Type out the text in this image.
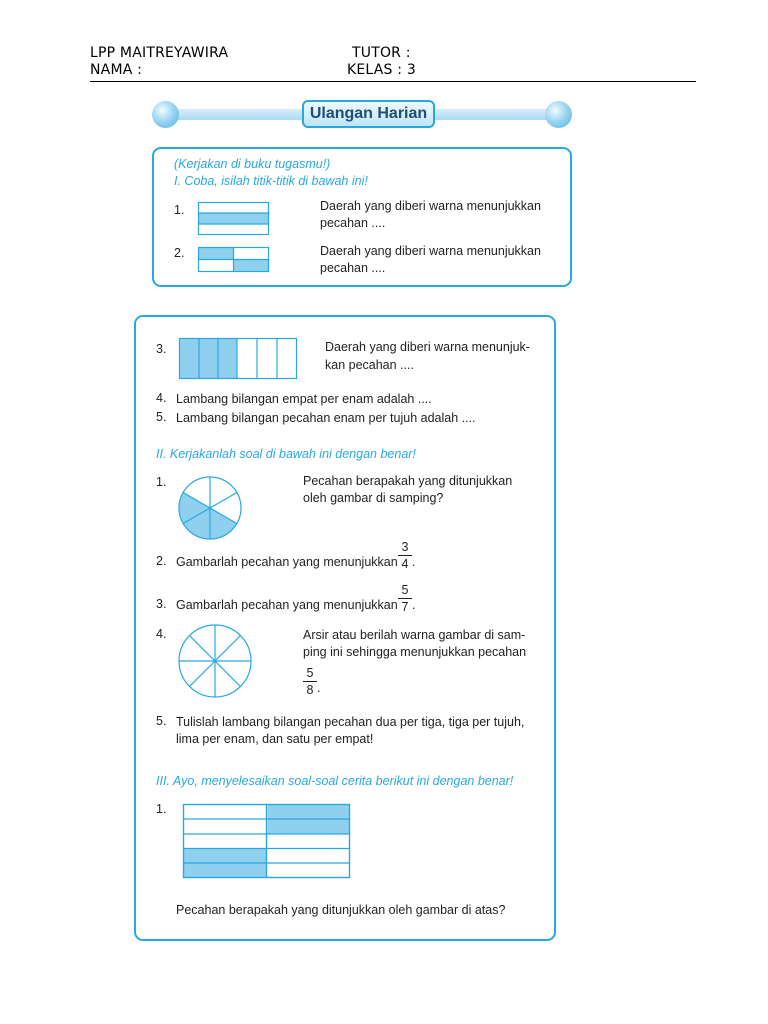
LPP MAITREYAWIRA	TUTOR :
NAMA :	KELAS : 3
Ulangan Harian
(Kerjakan di buku tugasmu!)
I. Coba, isilah titik-titik di bawah ini!
1.	Daerah yang diberi warna menunjukkan
pecahan ....
2.	Daerah yang diberi warna menunjukkan
pecahan ....
3.	Daerah yang diberi warna menunjuk-
kan pecahan ....
4. Lambang bilangan empat per enam adalah ....
5. Lambang bilangan pecahan enam per tujuh adalah ....
II. Kerjakanlah soal di bawah ini dengan benar!
1.	Pecahan berapakah yang ditunjukkan
oleh gambar di samping?
2. Gambarlah pecahan yang menunjukkan
3
4 .
3. Gambarlah pecahan yang menunjukkan
5
7 .
4.	Arsir atau berilah warna gambar di sam-
ping ini sehingga menunjukkan pecahan
5
8 .
5. Tulislah lambang bilangan pecahan dua per tiga, tiga per tujuh,
lima per enam, dan satu per empat!
III. Ayo, menyelesaikan soal-soal cerita berikut ini dengan benar!
1.
Pecahan berapakah yang ditunjukkan oleh gambar di atas?
